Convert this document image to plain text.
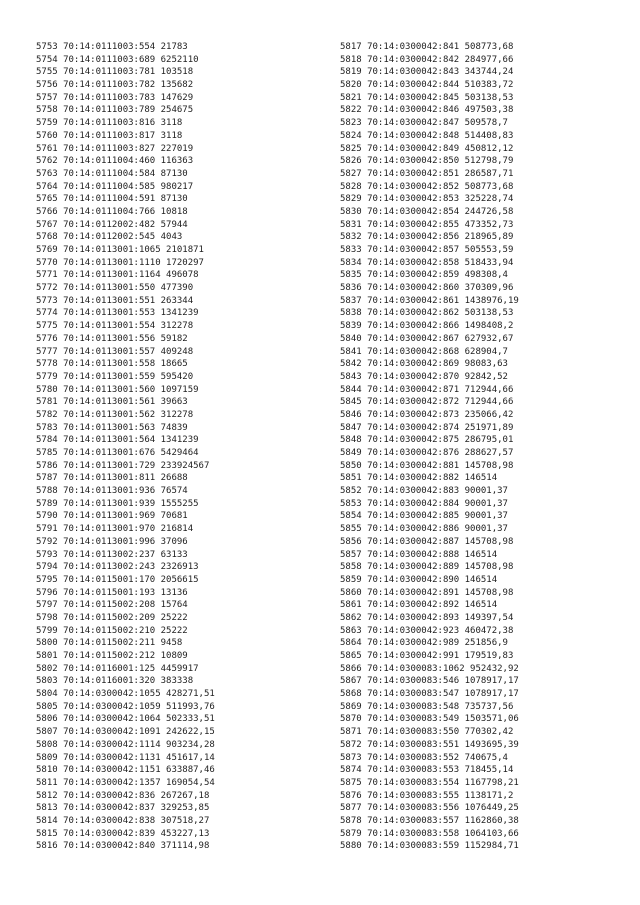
5753 70:14:0111003:554 21783
5754 70:14:0111003:689 6252110
5755 70:14:0111003:781 103518
5756 70:14:0111003:782 135682
5757 70:14:0111003:783 147629
5758 70:14:0111003:789 254675
5759 70:14:0111003:816 3118
5760 70:14:0111003:817 3118
5761 70:14:0111003:827 227019
5762 70:14:0111004:460 116363
5763 70:14:0111004:584 87130
5764 70:14:0111004:585 980217
5765 70:14:0111004:591 87130
5766 70:14:0111004:766 10818
5767 70:14:0112002:482 57944
5768 70:14:0112002:545 4043
5769 70:14:0113001:1065 2101871
5770 70:14:0113001:1110 1720297
5771 70:14:0113001:1164 496078
5772 70:14:0113001:550 477390
5773 70:14:0113001:551 263344
5774 70:14:0113001:553 1341239
5775 70:14:0113001:554 312278
5776 70:14:0113001:556 59182
5777 70:14:0113001:557 409248
5778 70:14:0113001:558 18665
5779 70:14:0113001:559 595420
5780 70:14:0113001:560 1097159
5781 70:14:0113001:561 39663
5782 70:14:0113001:562 312278
5783 70:14:0113001:563 74839
5784 70:14:0113001:564 1341239
5785 70:14:0113001:676 5429464
5786 70:14:0113001:729 233924567
5787 70:14:0113001:811 26688
5788 70:14:0113001:936 76574
5789 70:14:0113001:939 1555255
5790 70:14:0113001:969 70681
5791 70:14:0113001:970 216814
5792 70:14:0113001:996 37096
5793 70:14:0113002:237 63133
5794 70:14:0113002:243 2326913
5795 70:14:0115001:170 2056615
5796 70:14:0115001:193 13136
5797 70:14:0115002:208 15764
5798 70:14:0115002:209 25222
5799 70:14:0115002:210 25222
5800 70:14:0115002:211 9458
5801 70:14:0115002:212 10809
5802 70:14:0116001:125 4459917
5803 70:14:0116001:320 383338
5804 70:14:0300042:1055 428271,51
5805 70:14:0300042:1059 511993,76
5806 70:14:0300042:1064 502333,51
5807 70:14:0300042:1091 242622,15
5808 70:14:0300042:1114 903234,28
5809 70:14:0300042:1131 451617,14
5810 70:14:0300042:1151 633887,46
5811 70:14:0300042:1357 169054,54
5812 70:14:0300042:836 267267,18
5813 70:14:0300042:837 329253,85
5814 70:14:0300042:838 307518,27
5815 70:14:0300042:839 453227,13
5816 70:14:0300042:840 371114,98
5817 70:14:0300042:841 508773,68
5818 70:14:0300042:842 284977,66
5819 70:14:0300042:843 343744,24
5820 70:14:0300042:844 510383,72
5821 70:14:0300042:845 503138,53
5822 70:14:0300042:846 497503,38
5823 70:14:0300042:847 509578,7
5824 70:14:0300042:848 514408,83
5825 70:14:0300042:849 450812,12
5826 70:14:0300042:850 512798,79
5827 70:14:0300042:851 286587,71
5828 70:14:0300042:852 508773,68
5829 70:14:0300042:853 325228,74
5830 70:14:0300042:854 244726,58
5831 70:14:0300042:855 473352,73
5832 70:14:0300042:856 218965,89
5833 70:14:0300042:857 505553,59
5834 70:14:0300042:858 518433,94
5835 70:14:0300042:859 498308,4
5836 70:14:0300042:860 370309,96
5837 70:14:0300042:861 1438976,19
5838 70:14:0300042:862 503138,53
5839 70:14:0300042:866 1498408,2
5840 70:14:0300042:867 627932,67
5841 70:14:0300042:868 628904,7
5842 70:14:0300042:869 98083,63
5843 70:14:0300042:870 92842,52
5844 70:14:0300042:871 712944,66
5845 70:14:0300042:872 712944,66
5846 70:14:0300042:873 235066,42
5847 70:14:0300042:874 251971,89
5848 70:14:0300042:875 286795,01
5849 70:14:0300042:876 288627,57
5850 70:14:0300042:881 145708,98
5851 70:14:0300042:882 146514
5852 70:14:0300042:883 90001,37
5853 70:14:0300042:884 90001,37
5854 70:14:0300042:885 90001,37
5855 70:14:0300042:886 90001,37
5856 70:14:0300042:887 145708,98
5857 70:14:0300042:888 146514
5858 70:14:0300042:889 145708,98
5859 70:14:0300042:890 146514
5860 70:14:0300042:891 145708,98
5861 70:14:0300042:892 146514
5862 70:14:0300042:893 149397,54
5863 70:14:0300042:923 460472,38
5864 70:14:0300042:989 251856,9
5865 70:14:0300042:991 179519,83
5866 70:14:0300083:1062 952432,92
5867 70:14:0300083:546 1078917,17
5868 70:14:0300083:547 1078917,17
5869 70:14:0300083:548 735737,56
5870 70:14:0300083:549 1503571,06
5871 70:14:0300083:550 770302,42
5872 70:14:0300083:551 1493695,39
5873 70:14:0300083:552 740675,4
5874 70:14:0300083:553 718455,14
5875 70:14:0300083:554 1167798,21
5876 70:14:0300083:555 1138171,2
5877 70:14:0300083:556 1076449,25
5878 70:14:0300083:557 1162860,38
5879 70:14:0300083:558 1064103,66
5880 70:14:0300083:559 1152984,71
